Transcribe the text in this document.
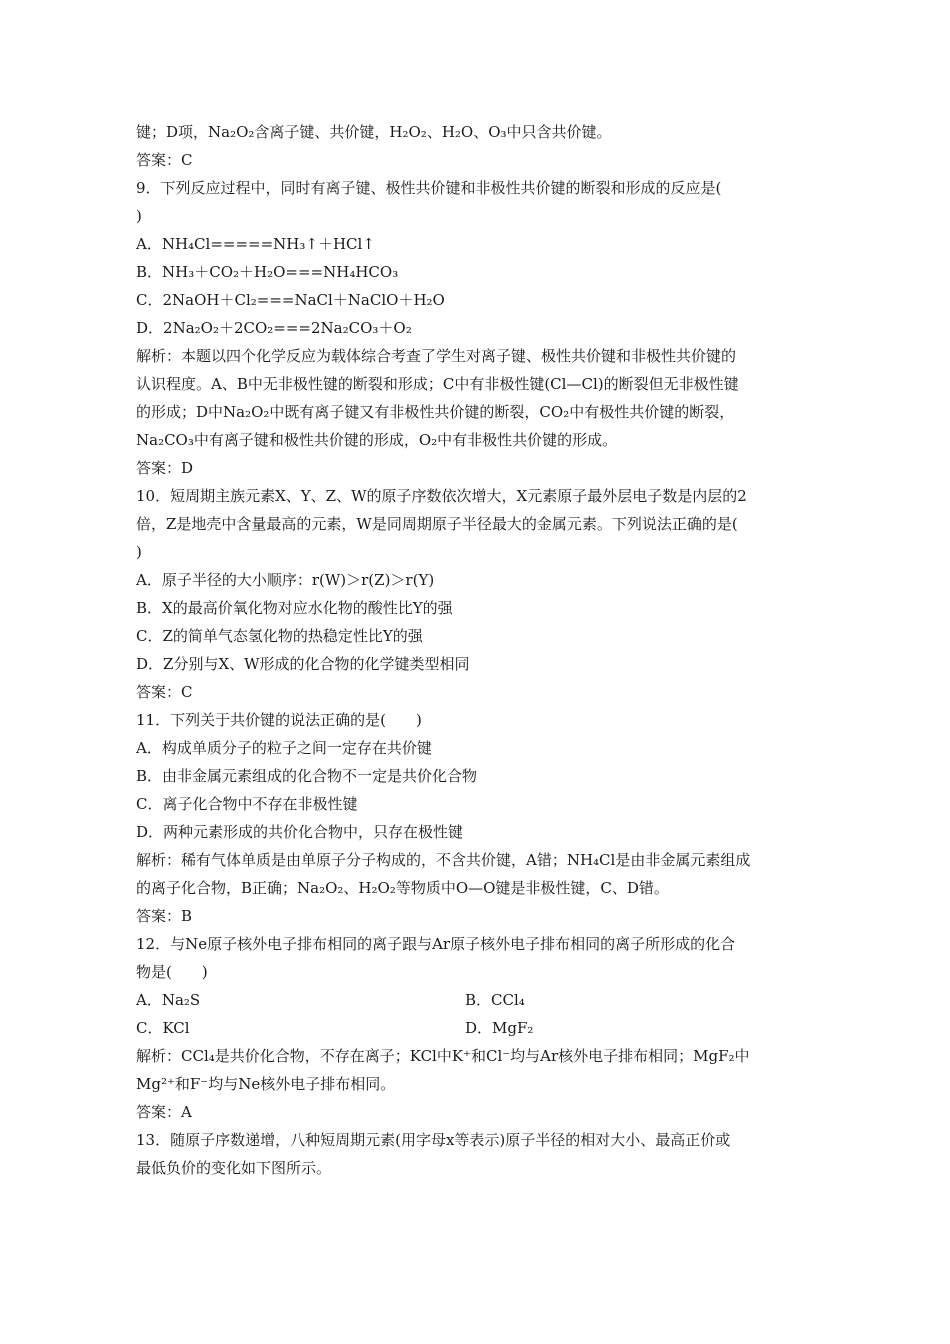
键；D项，Na₂O₂含离子键、共价键，H₂O₂、H₂O、O₃中只含共价键。
答案：C
9．下列反应过程中，同时有离子键、极性共价键和非极性共价键的断裂和形成的反应是(
)
A．NH₄Cl=====NH₃↑＋HCl↑
B．NH₃＋CO₂＋H₂O===NH₄HCO₃
C．2NaOH＋Cl₂===NaCl＋NaClO＋H₂O
D．2Na₂O₂＋2CO₂===2Na₂CO₃＋O₂
解析：本题以四个化学反应为载体综合考查了学生对离子键、极性共价键和非极性共价键的
认识程度。A、B中无非极性键的断裂和形成；C中有非极性键(Cl—Cl)的断裂但无非极性键
的形成；D中Na₂O₂中既有离子键又有非极性共价键的断裂，CO₂中有极性共价键的断裂，
Na₂CO₃中有离子键和极性共价键的形成，O₂中有非极性共价键的形成。
答案：D
10．短周期主族元素X、Y、Z、W的原子序数依次增大，X元素原子最外层电子数是内层的2
倍，Z是地壳中含量最高的元素，W是同周期原子半径最大的金属元素。下列说法正确的是(
)
A．原子半径的大小顺序：r(W)＞r(Z)＞r(Y)
B．X的最高价氧化物对应水化物的酸性比Y的强
C．Z的简单气态氢化物的热稳定性比Y的强
D．Z分别与X、W形成的化合物的化学键类型相同
答案：C
11．下列关于共价键的说法正确的是(　　)
A．构成单质分子的粒子之间一定存在共价键
B．由非金属元素组成的化合物不一定是共价化合物
C．离子化合物中不存在非极性键
D．两种元素形成的共价化合物中，只存在极性键
解析：稀有气体单质是由单原子分子构成的，不含共价键，A错；NH₄Cl是由非金属元素组成
的离子化合物，B正确；Na₂O₂、H₂O₂等物质中O—O键是非极性键，C、D错。
答案：B
12．与Ne原子核外电子排布相同的离子跟与Ar原子核外电子排布相同的离子所形成的化合
物是(　　)
A．Na₂S	B．CCl₄
C．KCl	D．MgF₂
解析：CCl₄是共价化合物，不存在离子；KCl中K⁺和Cl⁻均与Ar核外电子排布相同；MgF₂中
Mg²⁺和F⁻均与Ne核外电子排布相同。
答案：A
13．随原子序数递增，八种短周期元素(用字母x等表示)原子半径的相对大小、最高正价或
最低负价的变化如下图所示。
